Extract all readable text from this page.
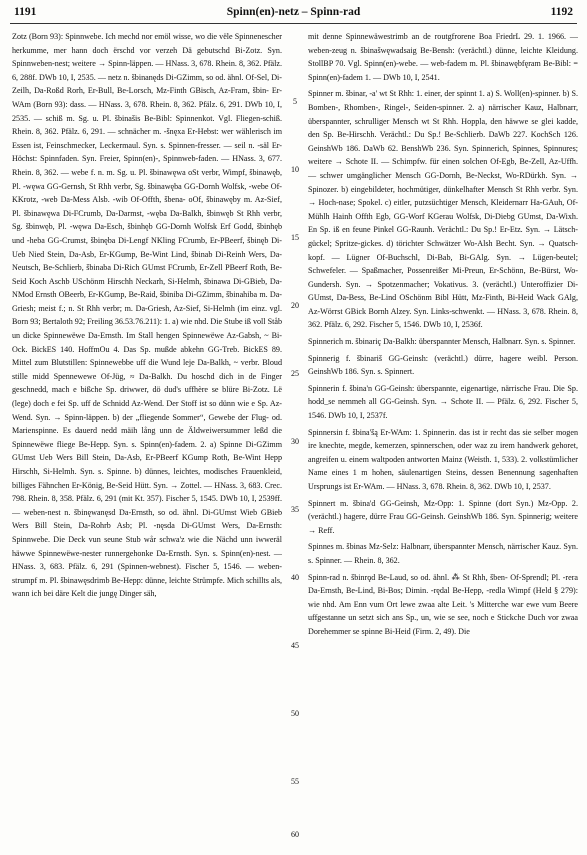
1191	Spinn(en)-netz – Spinn-rad	1192

Zotz (Born 93): Spinnwebe. Ich mechd nor emöl wisse, wo die vële Spinnenescher herkumme, mer hann doch ërschd vor verzeh Dä gebutschd Bi-Zotz. Syn. Spinnweben-nest; weitere → Spinn-läppen. — HNass. 3, 678. Rhein. 8, 362. Pfälz. 6, 288f. DWb 10, I, 2535. — netz n. šbinanęds Di-GZimm, so od. ähnl. Of-Sel, Di-Zeilh, Da-Roßd Rorh, Er-Bull, Be-Lorsch, Mz-Finth GBisch, Az-Fram, šbin- Er-WAm (Born 93): dass. — HNass. 3, 678. Rhein. 8, 362. Pfälz. 6, 291. DWb 10, I, 2535. — schiß m. Sg. u. Pl. šbinašis Be-Bibl: Spinnenkot. Vgl. Fliegen-schiß. Rhein. 8, 362. Pfälz. 6, 291. — schnächer m. -šnęxa Er-Hebst: wer wählerisch im Essen ist, Feinschmecker, Leckermaul. Syn. s. Spinnen-fresser. — seil n. -säl Er-Höchst: Spinnfaden. Syn. Freier, Spinn(en)-, Spinnweb-faden. — HNass. 3, 677. Rhein. 8, 362. — webe f. n. m. Sg. u. Pl. šbinawęwa oSt verbr, Wimpf, šbinawęb, Pl. -węwa GG-Gernsh, St Rhh verbr, Sg. šbinawęba GG-Dornh Wolfsk, -webe Of-KKrotz, -web Da-Mess Alsb. -wib Of-Offth, šbena- oOf, šbinawęby m. Az-Sief, Pl. šbinawęwa Di-FCrumb, Da-Darmst, -węba Da-Balkh, šbinwęb St Rhh verbr, Sg. šbinwęb, Pl. -węwa Da-Esch, šbinhęb GG-Dornh Wolfsk Erf Godd, šbinhęb und -heba GG-Crumst, šbinęba Di-Lengf NKling FCrumb, Er-PBeerf, šbinęb Di-Ueb Nied Stein, Da-Asb, Er-KGump, Be-Wint Lind, šbinab Di-Reinh Wers, Da-Neutsch, Be-Schlierb, šbinaba Di-Rich GUmst FCrumb, Er-Zell PBeerf Roth, Be-Seid Koch Aschb USchönm Hirschh Neckarh, Si-Helmh, šbinawa Di-GBieb, Da-NMod Ernsth OBeerb, Er-KGump, Be-Raid, šbiniba Di-GZimm, šbinahiba m. Da-Griesh; meist f.; n. St Rhh verbr; m. Da-Griesh, Az-Sief, Si-Helmh (im einz. vgl. Born 93; Bertaloth 92; Freiling 36.53.76.211): 1. a) wie nhd. Die Stube iß voll Ståb un dicke Spinnewëwe Da-Ernsth. Im Stall hengen Spinnewëwe Az-Gabsh, ~ Bi-Ock. BickES 140. HoffmOu 4. Das Sp. mußde abkehn GG-Treb. BickES 89. Mittel zum Blutstillen: Spinnewebbe uff die Wund leje Da-Balkh, ~ verbr. Bloud stille midd Spennewewe Of-Jüg, ≈ Da-Balkh. Du hoschd dich in de Finger geschnedd, mach e bißche Sp. driwwer, dö dud's uffhère se blüre Bi-Zotz. Lë (lege) doch e fei Sp. uff de Schnidd Az-Wend. Der Stoff ist so dünn wie e Sp. Az-Wend. Syn. → Spinn-läppen. b) der „fliegende Sommer“, Gewebe der Flug- od. Marienspinne. Es dauerd nedd mäih lång unn de Äldweiwersummer leßd die Spinnewëwe fliege Be-Hepp. Syn. s. Spinn(en)-fadem. 2. a) Spinne Di-GZimm GUmst Ueb Wers Bill Stein, Da-Asb, Er-PBeerf KGump Roth, Be-Wint Hepp Hirschh, Si-Helmh. Syn. s. Spinne. b) dünnes, leichtes, modisches Frauenkleid, billiges Fähnchen Er-König, Be-Seid Hütt. Syn. → Zottel. — HNass. 3, 683. Crec. 798. Rhein. 8, 358. Pfälz. 6, 291 (mit Kt. 357). Fischer 5, 1545. DWb 10, I, 2539ff. — weben-nest n. šbinęwanęsd Da-Ernsth, so od. ähnl. Di-GUmst Wieb GBieb Wers Bill Stein, Da-Rohrb Asb; Pl. -nęsda Di-GUmst Wers, Da-Ernsth: Spinnwebe. Die Deck vun seune Stub wår schwa'z wie die Nächd unn iwweräl häwwe Spinnewëwe-nester runnergehonke Da-Ernsth. Syn. s. Spinn(en)-nest. — HNass. 3, 683. Pfälz. 6, 291 (Spinnen-webnest). Fischer 5, 1546. — weben-strumpf m. Pl. šbinawęsdrimb Be-Hepp: dünne, leichte Strümpfe. Mich schillts als, wann ich bei däre Kelt die jungę Dinger säh,

5
10
15
20
25
30
35
40
45
50
55
60

mit denne Spinnewäwestrimb an de routgfrorene Boa FriedrL 29. 1. 1966. — weben-zeug n. šbinašwęwadsaig Be-Bensh: (verächtl.) dünne, leichte Kleidung. StollBP 70. Vgl. Spinn(en)-webe. — web-fadem m. Pl. šbinawębfęram Be-Bibl: = Spinn(en)-fadem 1. — DWb 10, I, 2541.

Spinner m. šbinar, -a' wt St Rhh: 1. einer, der spinnt 1. a) S. Woll(en)-spinner. b) S. Bomben-, Rhomben-, Ringel-, Seiden-spinner. 2. a) närrischer Kauz, Halbnarr, überspannter, schrulliger Mensch wt St Rhh. Hoppla, den häwwe se glei kadde, den Sp. Be-Hirschh. Verächtl.: Du Sp.! Be-Schlierb. DaWb 227. KochSch 126. GeinshWb 186. DaWb 62. BenshWb 236. Syn. Spinnerich, Spinnes, Spinnures; weitere → Schote II. — Schimpfw. für einen solchen Of-Egb, Be-Zell, Az-Uffh. — schwer umgänglicher Mensch GG-Dornh, Be-Neckst, Wo-RDürkh. Syn. → Spinozer. b) eingebildeter, hochmütiger, dünkelhafter Mensch St Rhh verbr. Syn. → Hoch-nase; Spokel. c) eitler, putzsüchtiger Mensch, Kleidernarr Ha-GAuh, Of-Mühlh Hainh Offth Egb, GG-Worf KGerau Wolfsk, Di-Diebg GUmst, Da-Wixh. En Sp. iß en feune Pinkel GG-Raunh. Verächtl.: Du Sp.! Er-Etz. Syn. → Lätsch-gückel; Spritze-gickes. d) törichter Schwätzer Wo-Alsh Becht. Syn. → Quatsch-kopf. — Lügner Of-Buchschl, Di-Bab, Bi-GAlg. Syn. → Lügen-beutel; Schwefeler. — Spaßmacher, Possenreißer Mi-Preun, Er-Schönn, Be-Bürst, Wo-Gundersh. Syn. → Spotzenmacher; Vokativus. 3. (verächtl.) Unteroffizier Di-GUmst, Da-Bess, Be-Lind OSchönm Bibl Hütt, Mz-Finth, Bi-Heid Wack GAlg, Az-Wörrst GBick Bornh Alzey. Syn. Links-schwenkt. — HNass. 3, 678. Rhein. 8, 362. Pfälz. 6, 292. Fischer 5, 1546. DWb 10, I, 2536f.

Spinnerich m. šbinariç Da-Balkh: überspannter Mensch, Halbnarr. Syn. s. Spinner.

Spinnerig f. šbinariš GG-Geinsh: (verächtl.) dürre, hagere weibl. Person. GeinshWb 186. Syn. s. Spinnert.

Spinnerin f. šbina'n GG-Geinsh: überspannte, eigenartige, närrische Frau. Die Sp. hodd_se nemmeh all GG-Geinsh. Syn. → Schote II. — Pfälz. 6, 292. Fischer 5, 1546. DWb 10, I, 2537f.

Spinnersin f. šbina'šą Er-WAm: 1. Spinnerin. das ist ir recht das sie selber mogen ire knechte, megde, kemerzen, spinnerschen, oder waz zu irem handwerk gehoret, angreifen u. einem waltpoden antworten Mainz (Weisth. 1, 533). 2. volkstümlicher Name eines 1 m hohen, säulenartigen Steins, dessen Benennung sagenhaften Ursprungs ist Er-WAm. — HNass. 3, 678. Rhein. 8, 362. DWb 10, I, 2537.

Spinnert m. šbina'd GG-Geinsh, Mz-Opp: 1. Spinne (dort Syn.) Mz-Opp. 2. (verächtl.) hagere, dürre Frau GG-Geinsh. GeinshWb 186. Syn. Spinnerig; weitere → Reff.

Spinnes m. šbinas Mz-Selz: Halbnarr, überspannter Mensch, närrischer Kauz. Syn. s. Spinner. — Rhein. 8, 362.

Spinn-rad n. šbinrǫd Be-Laud, so od. ähnl. ⁂ St Rhh, šben- Of-Sprendl; Pl. -rera Da-Ernsth, Be-Lind, Bi-Bos; Dimin. -rędal Be-Hepp, -redla Wimpf (Held § 279): wie nhd. Am Enn vum Ort lewe zwaa alte Leit. 's Mitterche war ewe vum Beere uffgestanne un setzt sich ans Sp., un, wie se see, noch e Stickche Duch vor zwaa Dorehemmer se spinne Bi-Heid (Firm. 2, 49). Die
